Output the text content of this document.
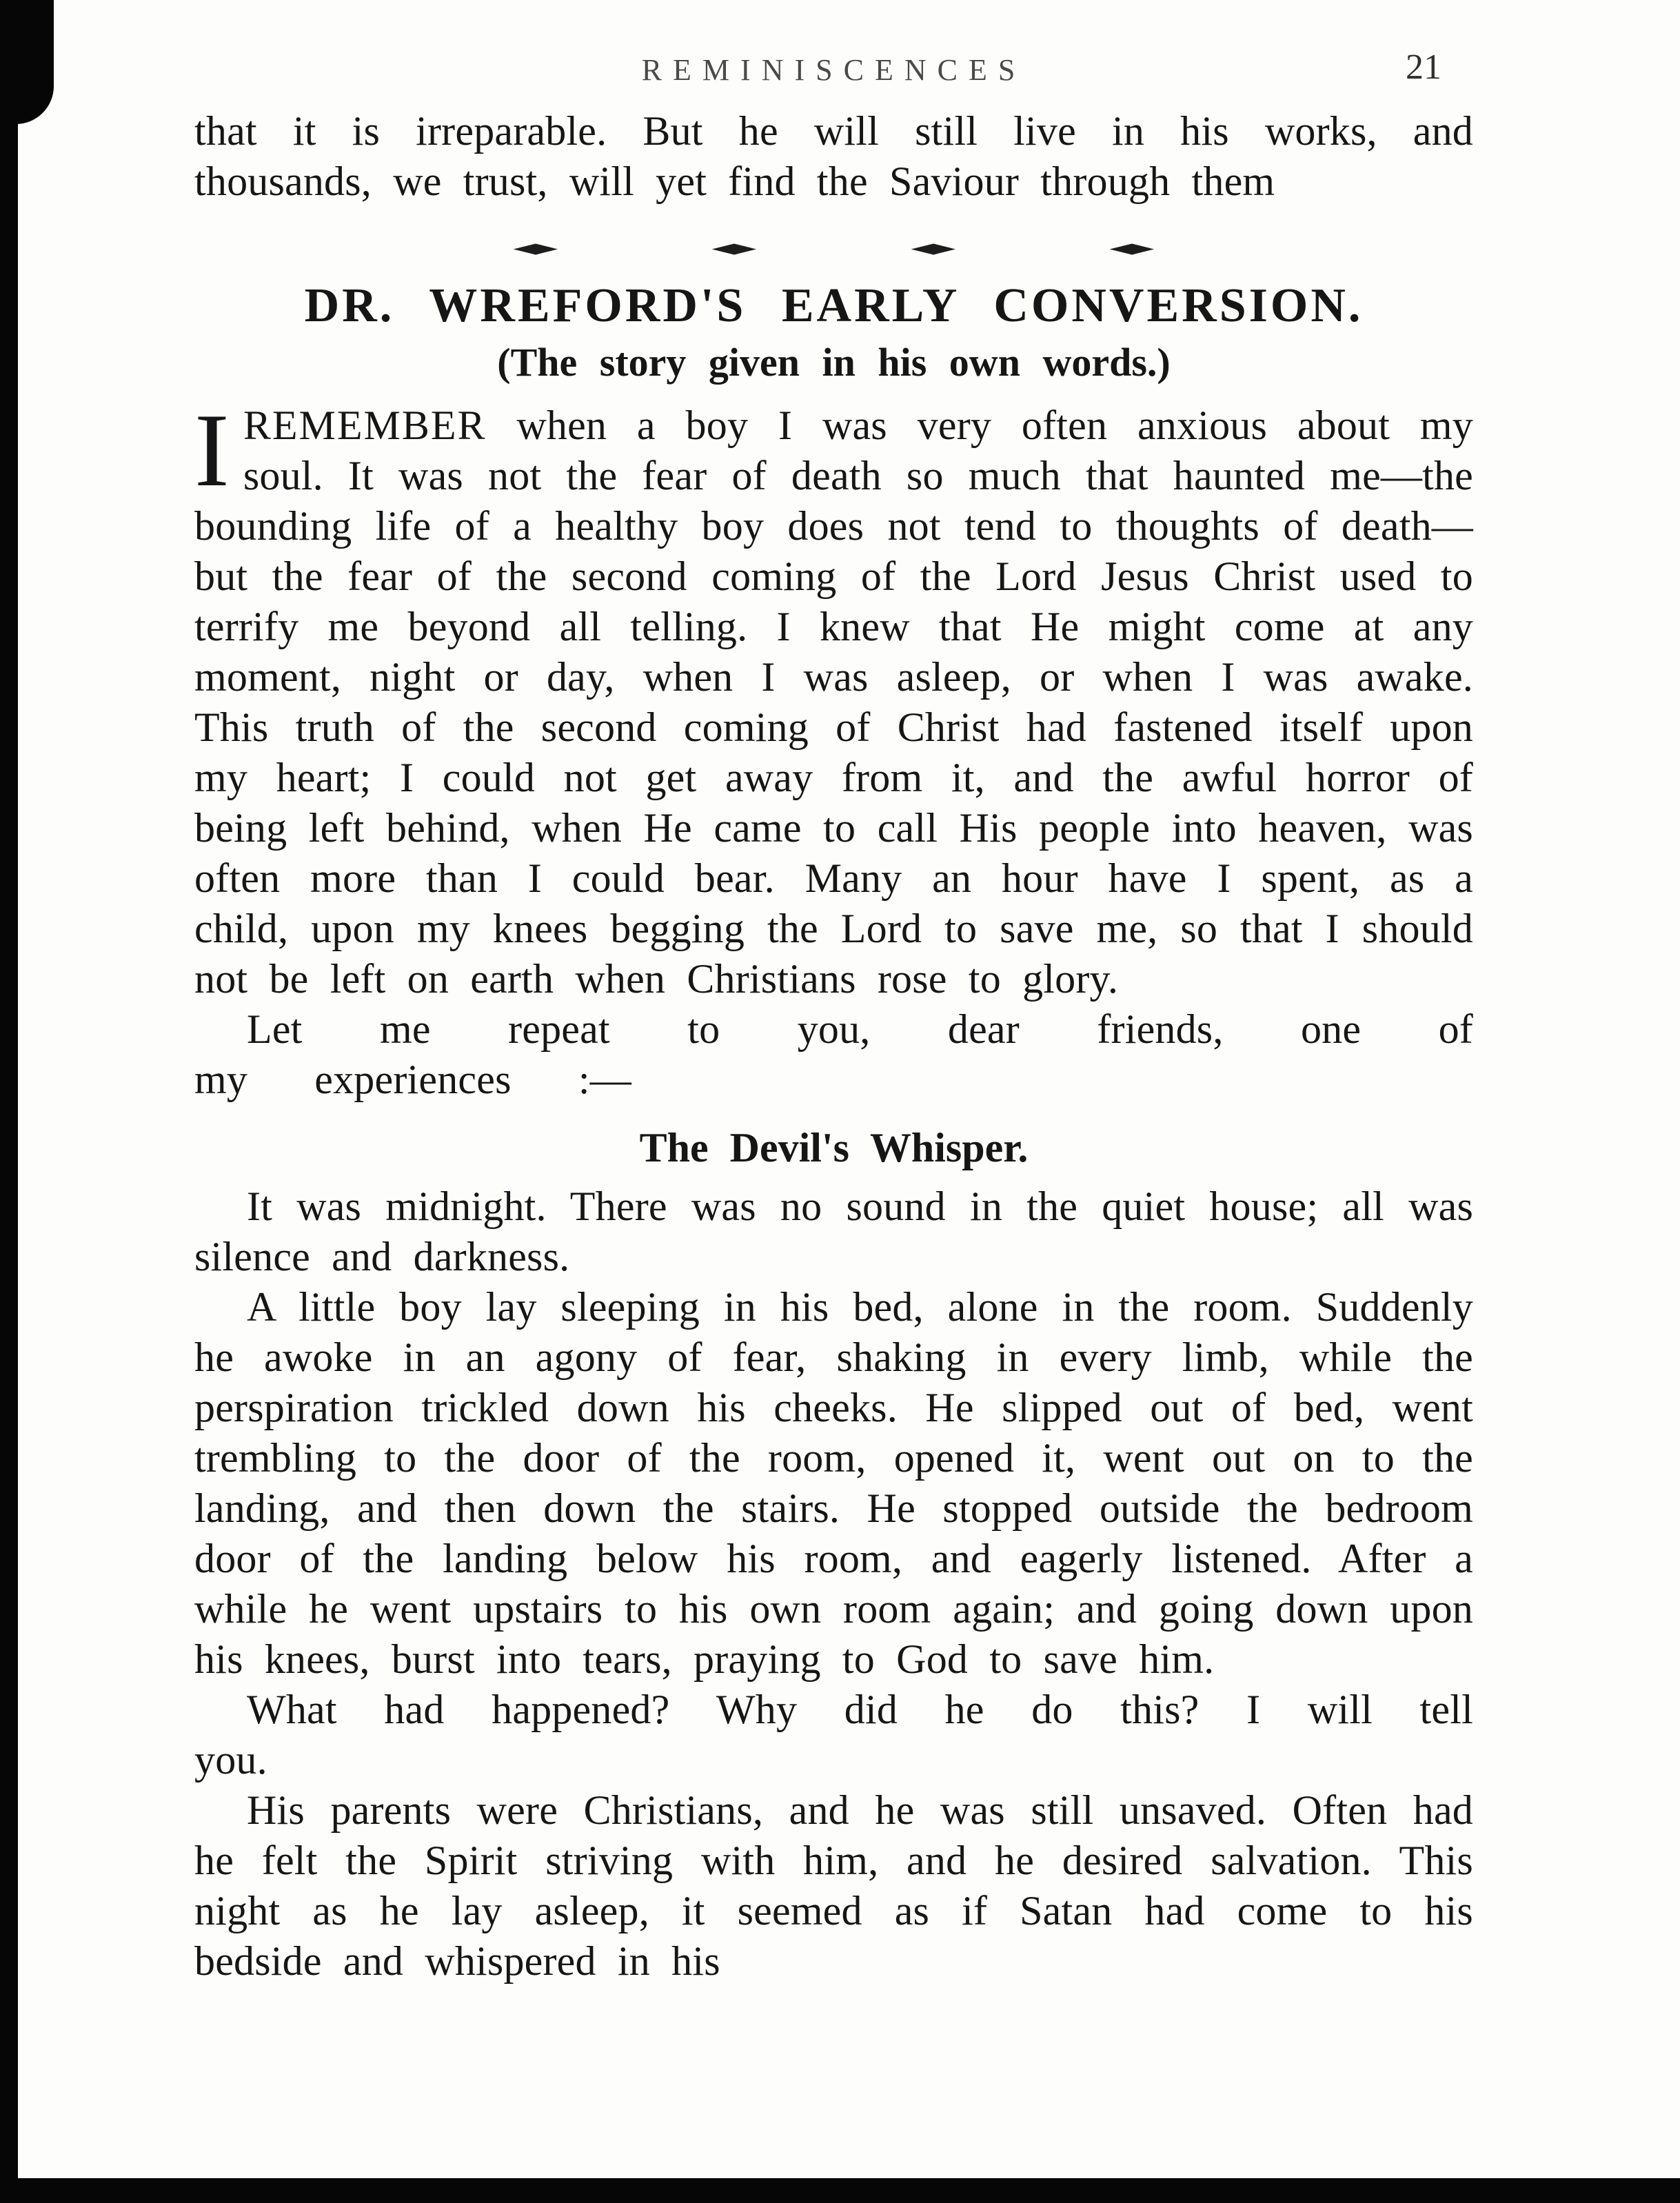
REMINISCENCES	21

that it is irreparable. But he will still live in his works, and thousands, we trust, will yet find the Saviour through them

◆	◆	◆	◆
DR. WREFORD'S EARLY CONVERSION.
(The story given in his own words.)

I REMEMBER when a boy I was very often anxious about my soul. It was not the fear of death so much that haunted me—the bounding life of a healthy boy does not tend to thoughts of death—but the fear of the second coming of the Lord Jesus Christ used to terrify me beyond all telling. I knew that He might come at any moment, night or day, when I was asleep, or when I was awake. This truth of the second coming of Christ had fastened itself upon my heart; I could not get away from it, and the awful horror of being left behind, when He came to call His people into heaven, was often more than I could bear. Many an hour have I spent, as a child, upon my knees begging the Lord to save me, so that I should not be left on earth when Christians rose to glory.

Let me repeat to you, dear friends, one of my experiences :—

The Devil's Whisper.

It was midnight. There was no sound in the quiet house; all was silence and darkness.

A little boy lay sleeping in his bed, alone in the room. Suddenly he awoke in an agony of fear, shaking in every limb, while the perspiration trickled down his cheeks. He slipped out of bed, went trembling to the door of the room, opened it, went out on to the landing, and then down the stairs. He stopped outside the bedroom door of the landing below his room, and eagerly listened. After a while he went upstairs to his own room again; and going down upon his knees, burst into tears, praying to God to save him.

What had happened? Why did he do this? I will tell you.

His parents were Christians, and he was still unsaved. Often had he felt the Spirit striving with him, and he desired salvation. This night as he lay asleep, it seemed as if Satan had come to his bedside and whispered in his
